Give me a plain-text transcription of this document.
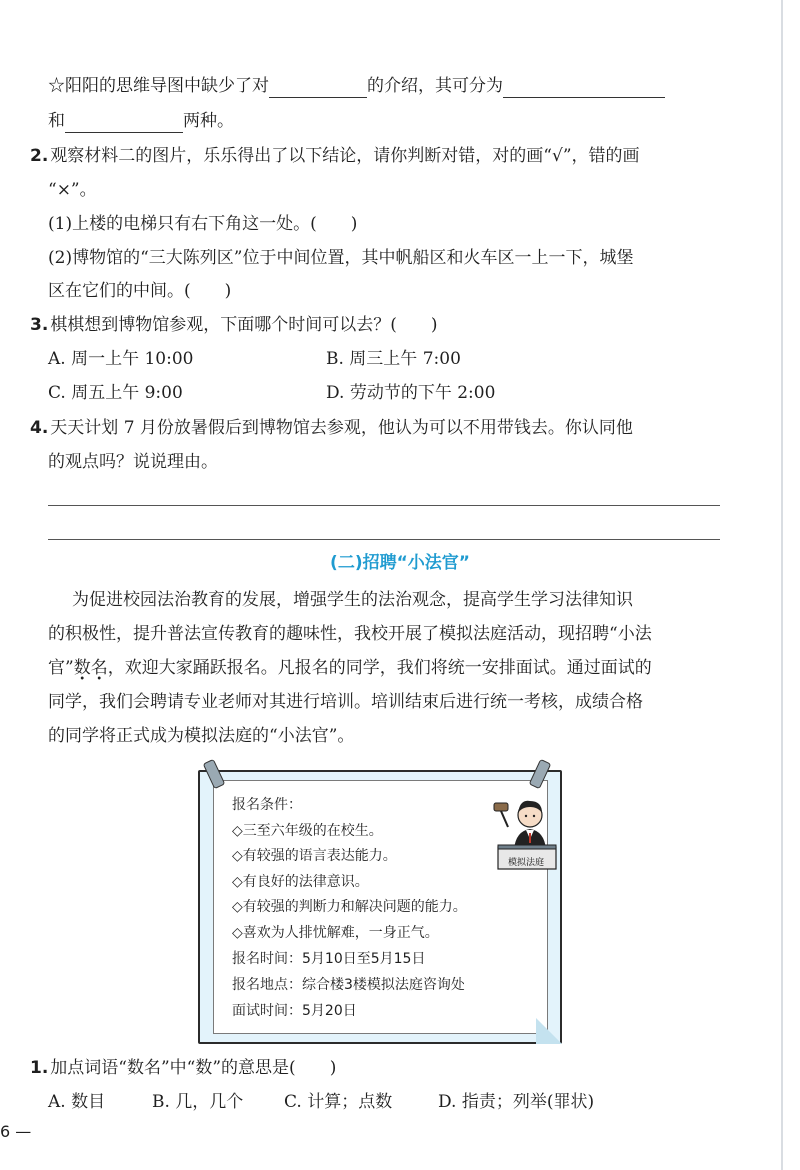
☆阳阳的思维导图中缺少了对	的介绍，其可分为
和	两种。
2. 观察材料二的图片，乐乐得出了以下结论，请你判断对错，对的画“√”，错的画
“×”。
(1)上楼的电梯只有右下角这一处。(　　)
(2)博物馆的“三大陈列区”位于中间位置，其中帆船区和火车区一上一下，城堡
区在它们的中间。(　　)
3. 棋棋想到博物馆参观，下面哪个时间可以去？(　　)
A. 周一上午 10:00	B. 周三上午 7:00
C. 周五上午 9:00	D. 劳动节的下午 2:00
4. 天天计划 7 月份放暑假后到博物馆去参观，他认为可以不用带钱去。你认同他
的观点吗？说说理由。
(二)招聘“小法官”
为促进校园法治教育的发展，增强学生的法治观念，提高学生学习法律知识
的积极性，提升普法宣传教育的趣味性，我校开展了模拟法庭活动，现招聘“小法
官”数名，欢迎大家踊跃报名。凡报名的同学，我们将统一安排面试。通过面试的
同学，我们会聘请专业老师对其进行培训。培训结束后进行统一考核，成绩合格
的同学将正式成为模拟法庭的“小法官”。
报名条件：
◇三至六年级的在校生。
◇有较强的语言表达能力。
◇有良好的法律意识。
◇有较强的判断力和解决问题的能力。
◇喜欢为人排忧解难，一身正气。
报名时间：5月10日至5月15日
报名地点：综合楼3楼模拟法庭咨询处
面试时间：5月20日
模拟法庭
1. 加点词语“数名”中“数”的意思是(　　)
A. 数目	B. 几，几个 C. 计算；点数	D. 指责；列举(罪状)
6 —
